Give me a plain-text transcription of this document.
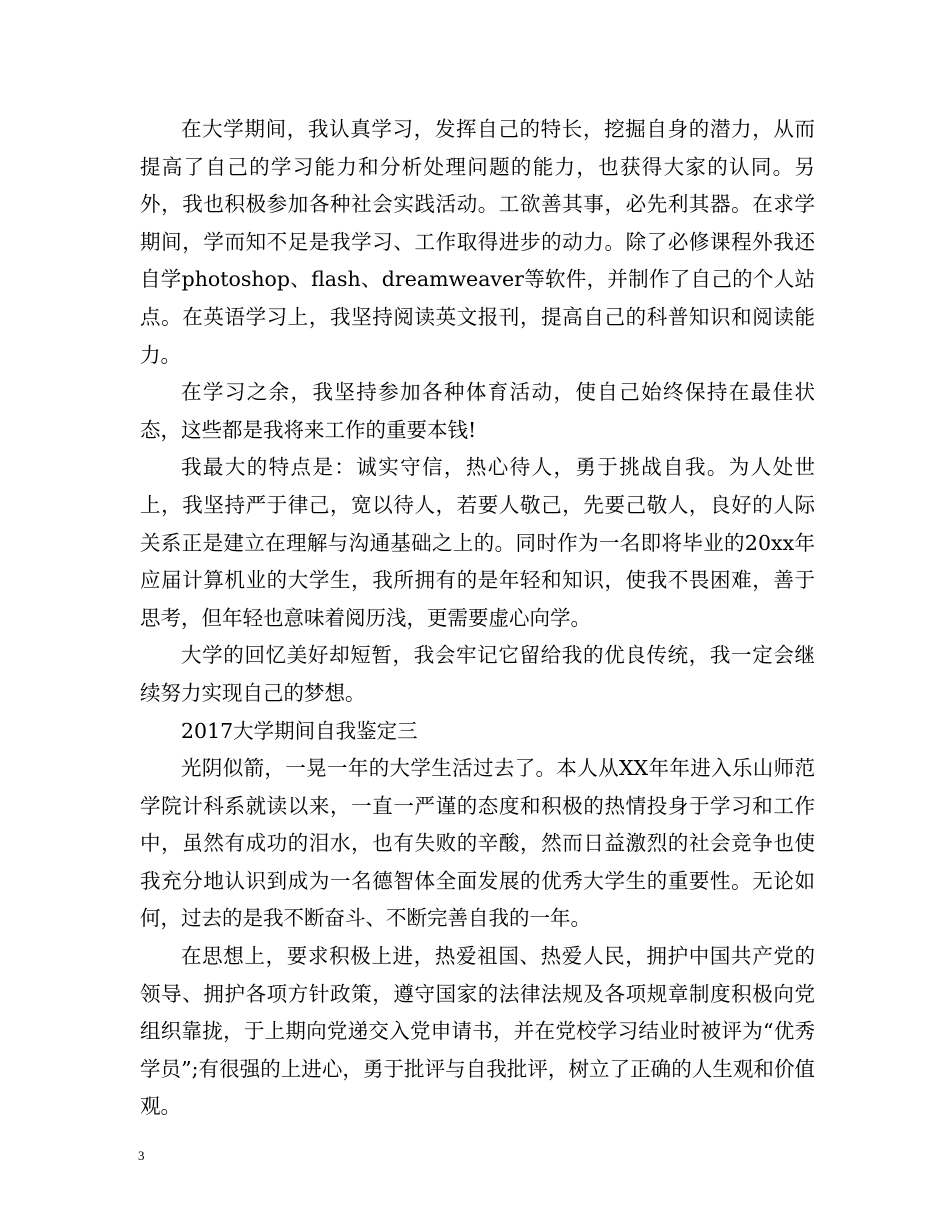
在大学期间，我认真学习，发挥自己的特长，挖掘自身的潜力，从而提高了自己的学习能力和分析处理问题的能力，也获得大家的认同。另外，我也积极参加各种社会实践活动。工欲善其事，必先利其器。在求学期间，学而知不足是我学习、工作取得进步的动力。除了必修课程外我还自学photoshop、flash、dreamweaver等软件，并制作了自己的个人站点。在英语学习上，我坚持阅读英文报刊，提高自己的科普知识和阅读能力。

在学习之余，我坚持参加各种体育活动，使自己始终保持在最佳状态，这些都是我将来工作的重要本钱!

我最大的特点是：诚实守信，热心待人，勇于挑战自我。为人处世上，我坚持严于律己，宽以待人，若要人敬己，先要己敬人，良好的人际关系正是建立在理解与沟通基础之上的。同时作为一名即将毕业的20xx年应届计算机业的大学生，我所拥有的是年轻和知识，使我不畏困难，善于思考，但年轻也意味着阅历浅，更需要虚心向学。

大学的回忆美好却短暂，我会牢记它留给我的优良传统，我一定会继续努力实现自己的梦想。

2017大学期间自我鉴定三

光阴似箭，一晃一年的大学生活过去了。本人从XX年年进入乐山师范学院计科系就读以来，一直一严谨的态度和积极的热情投身于学习和工作中，虽然有成功的泪水，也有失败的辛酸，然而日益激烈的社会竞争也使我充分地认识到成为一名德智体全面发展的优秀大学生的重要性。无论如何，过去的是我不断奋斗、不断完善自我的一年。

在思想上，要求积极上进，热爱祖国、热爱人民，拥护中国共产党的领导、拥护各项方针政策，遵守国家的法律法规及各项规章制度积极向党组织靠拢，于上期向党递交入党申请书，并在党校学习结业时被评为“优秀学员”;有很强的上进心，勇于批评与自我批评，树立了正确的人生观和价值观。

3
